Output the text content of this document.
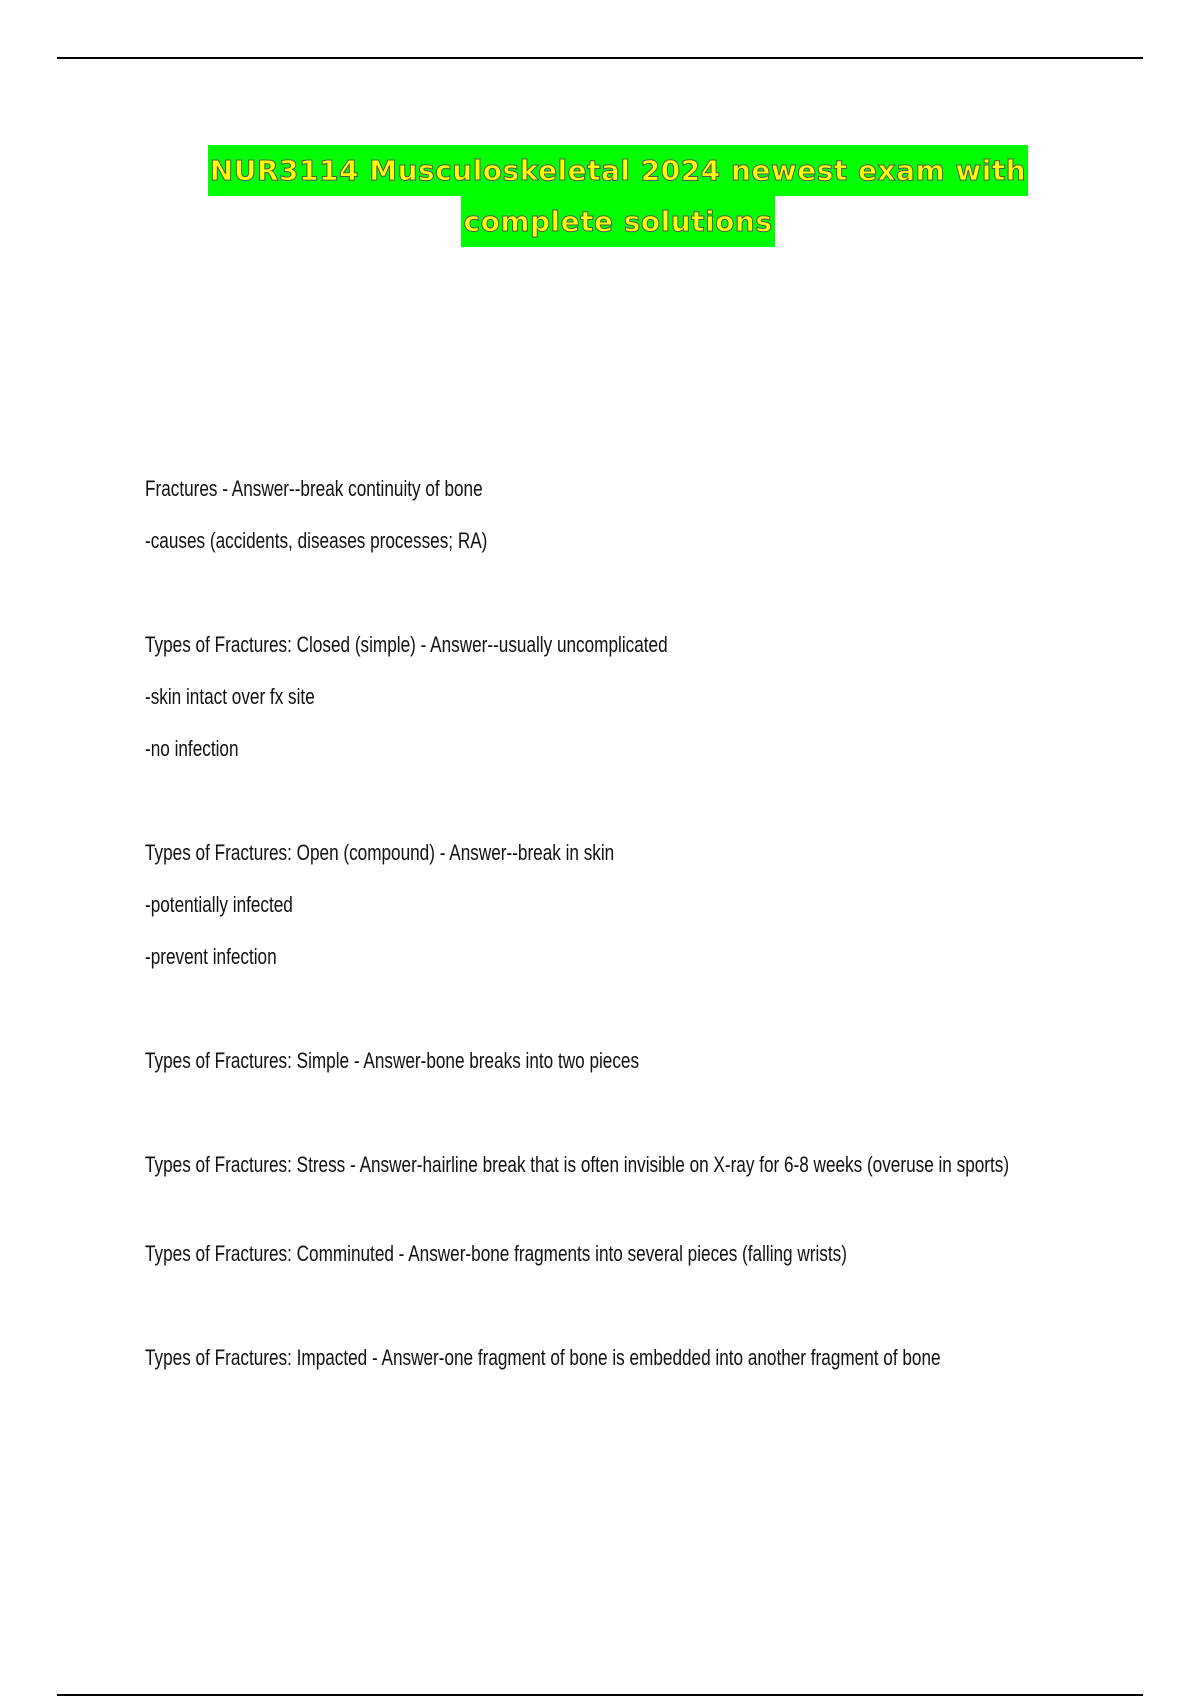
NUR3114 Musculoskeletal 2024 newest exam with
complete solutions
Fractures - Answer--break continuity of bone
-causes (accidents, diseases processes; RA)
Types of Fractures: Closed (simple) - Answer--usually uncomplicated
-skin intact over fx site
-no infection
Types of Fractures: Open (compound) - Answer--break in skin
-potentially infected
-prevent infection
Types of Fractures: Simple - Answer-bone breaks into two pieces
Types of Fractures: Stress - Answer-hairline break that is often invisible on X-ray for 6-8 weeks (overuse in sports)
Types of Fractures: Comminuted - Answer-bone fragments into several pieces (falling wrists)
Types of Fractures: Impacted - Answer-one fragment of bone is embedded into another fragment of bone
